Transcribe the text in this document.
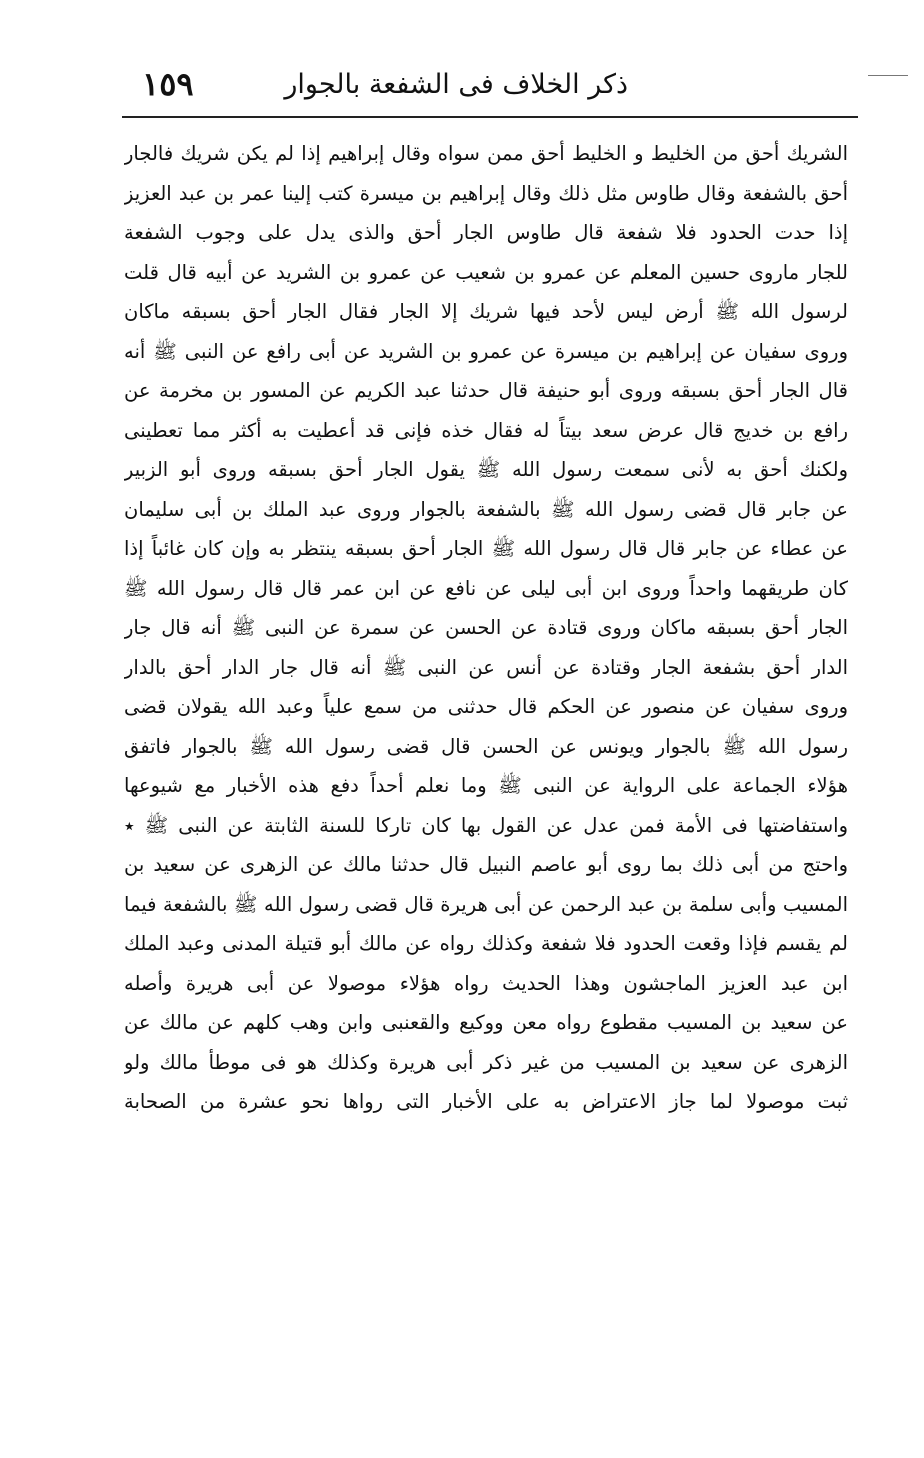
ذكر الخلاف فى الشفعة بالجوار
١٥٩
الشريك أحق من الخليط و الخليط أحق ممن سواه وقال إبراهيم إذا لم يكن شريك فالجار
أحق بالشفعة وقال طاوس مثل ذلك وقال إبراهيم بن ميسرة كتب إلينا عمر بن عبد العزيز
إذا حدت الحدود فلا شفعة قال طاوس الجار أحق والذى يدل على وجوب الشفعة
للجار ماروى حسين المعلم عن عمرو بن شعيب عن عمرو بن الشريد عن أبيه قال قلت
لرسول الله ﷺ أرض ليس لأحد فيها شريك إلا الجار فقال الجار أحق بسبقه ماكان
وروى سفيان عن إبراهيم بن ميسرة عن عمرو بن الشريد عن أبى رافع عن النبى ﷺ أنه
قال الجار أحق بسبقه وروى أبو حنيفة قال حدثنا عبد الكريم عن المسور بن مخرمة عن
رافع بن خديج قال عرض سعد بيتاً له فقال خذه فإنى قد أعطيت به أكثر مما تعطينى
ولكنك أحق به لأنى سمعت رسول الله ﷺ يقول الجار أحق بسبقه وروى أبو الزبير
عن جابر قال قضى رسول الله ﷺ بالشفعة بالجوار وروى عبد الملك بن أبى سليمان
عن عطاء عن جابر قال قال رسول الله ﷺ الجار أحق بسبقه ينتظر به وإن كان غائباً إذا
كان طريقهما واحداً وروى ابن أبى ليلى عن نافع عن ابن عمر قال قال رسول الله ﷺ
الجار أحق بسبقه ماكان وروى قتادة عن الحسن عن سمرة عن النبى ﷺ أنه قال جار
الدار أحق بشفعة الجار وقتادة عن أنس عن النبى ﷺ أنه قال جار الدار أحق بالدار
وروى سفيان عن منصور عن الحكم قال حدثنى من سمع علياً وعبد الله يقولان قضى
رسول الله ﷺ بالجوار ويونس عن الحسن قال قضى رسول الله ﷺ بالجوار فاتفق
هؤلاء الجماعة على الرواية عن النبى ﷺ وما نعلم أحداً دفع هذه الأخبار مع شيوعها
واستفاضتها فى الأمة فمن عدل عن القول بها كان تاركا للسنة الثابتة عن النبى ﷺ ٭
واحتج من أبى ذلك بما روى أبو عاصم النبيل قال حدثنا مالك عن الزهرى عن سعيد بن
المسيب وأبى سلمة بن عبد الرحمن عن أبى هريرة قال قضى رسول الله ﷺ بالشفعة فيما
لم يقسم فإذا وقعت الحدود فلا شفعة وكذلك رواه عن مالك أبو قتيلة المدنى وعبد الملك
ابن عبد العزيز الماجشون وهذا الحديث رواه هؤلاء موصولا عن أبى هريرة وأصله
عن سعيد بن المسيب مقطوع رواه معن ووكيع والقعنبى وابن وهب كلهم عن مالك عن
الزهرى عن سعيد بن المسيب من غير ذكر أبى هريرة وكذلك هو فى موطأ مالك ولو
ثبت موصولا لما جاز الاعتراض به على الأخبار التى رواها نحو عشرة من الصحابة
